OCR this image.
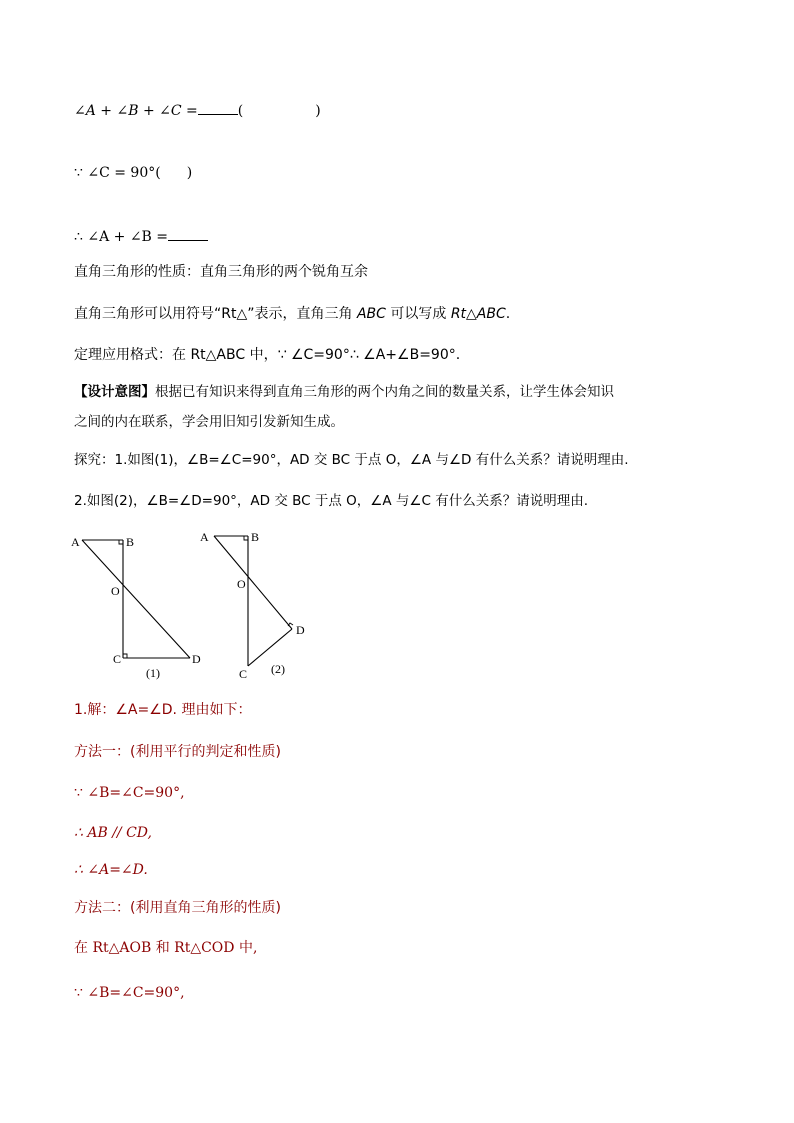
∠A + ∠B + ∠C =	(	)
∵ ∠C = 90°( )
∴ ∠A + ∠B =
直角三角形的性质：直角三角形的两个锐角互余
直角三角形可以用符号“Rt△”表示，直角三角 ABC 可以写成 Rt△ABC.
定理应用格式：在 Rt△ABC 中，∵ ∠C=90°∴ ∠A+∠B=90°.
【设计意图】根据已有知识来得到直角三角形的两个内角之间的数量关系，让学生体会知识
之间的内在联系，学会用旧知引发新知生成。
探究：1.如图(1)，∠B=∠C=90°，AD 交 BC 于点 O，∠A 与∠D 有什么关系？请说明理由.
2.如图(2)，∠B=∠D=90°，AD 交 BC 于点 O，∠A 与∠C 有什么关系？请说明理由.
A	B
O
C	D
(1)
A	B
O
C
D
(2)
1.解：∠A=∠D. 理由如下：
方法一：(利用平行的判定和性质)
∵ ∠B=∠C=90°,
∴ AB // CD,
∴ ∠A=∠D.
方法二：(利用直角三角形的性质)
在 Rt△AOB 和 Rt△COD 中,
∵ ∠B=∠C=90°,
